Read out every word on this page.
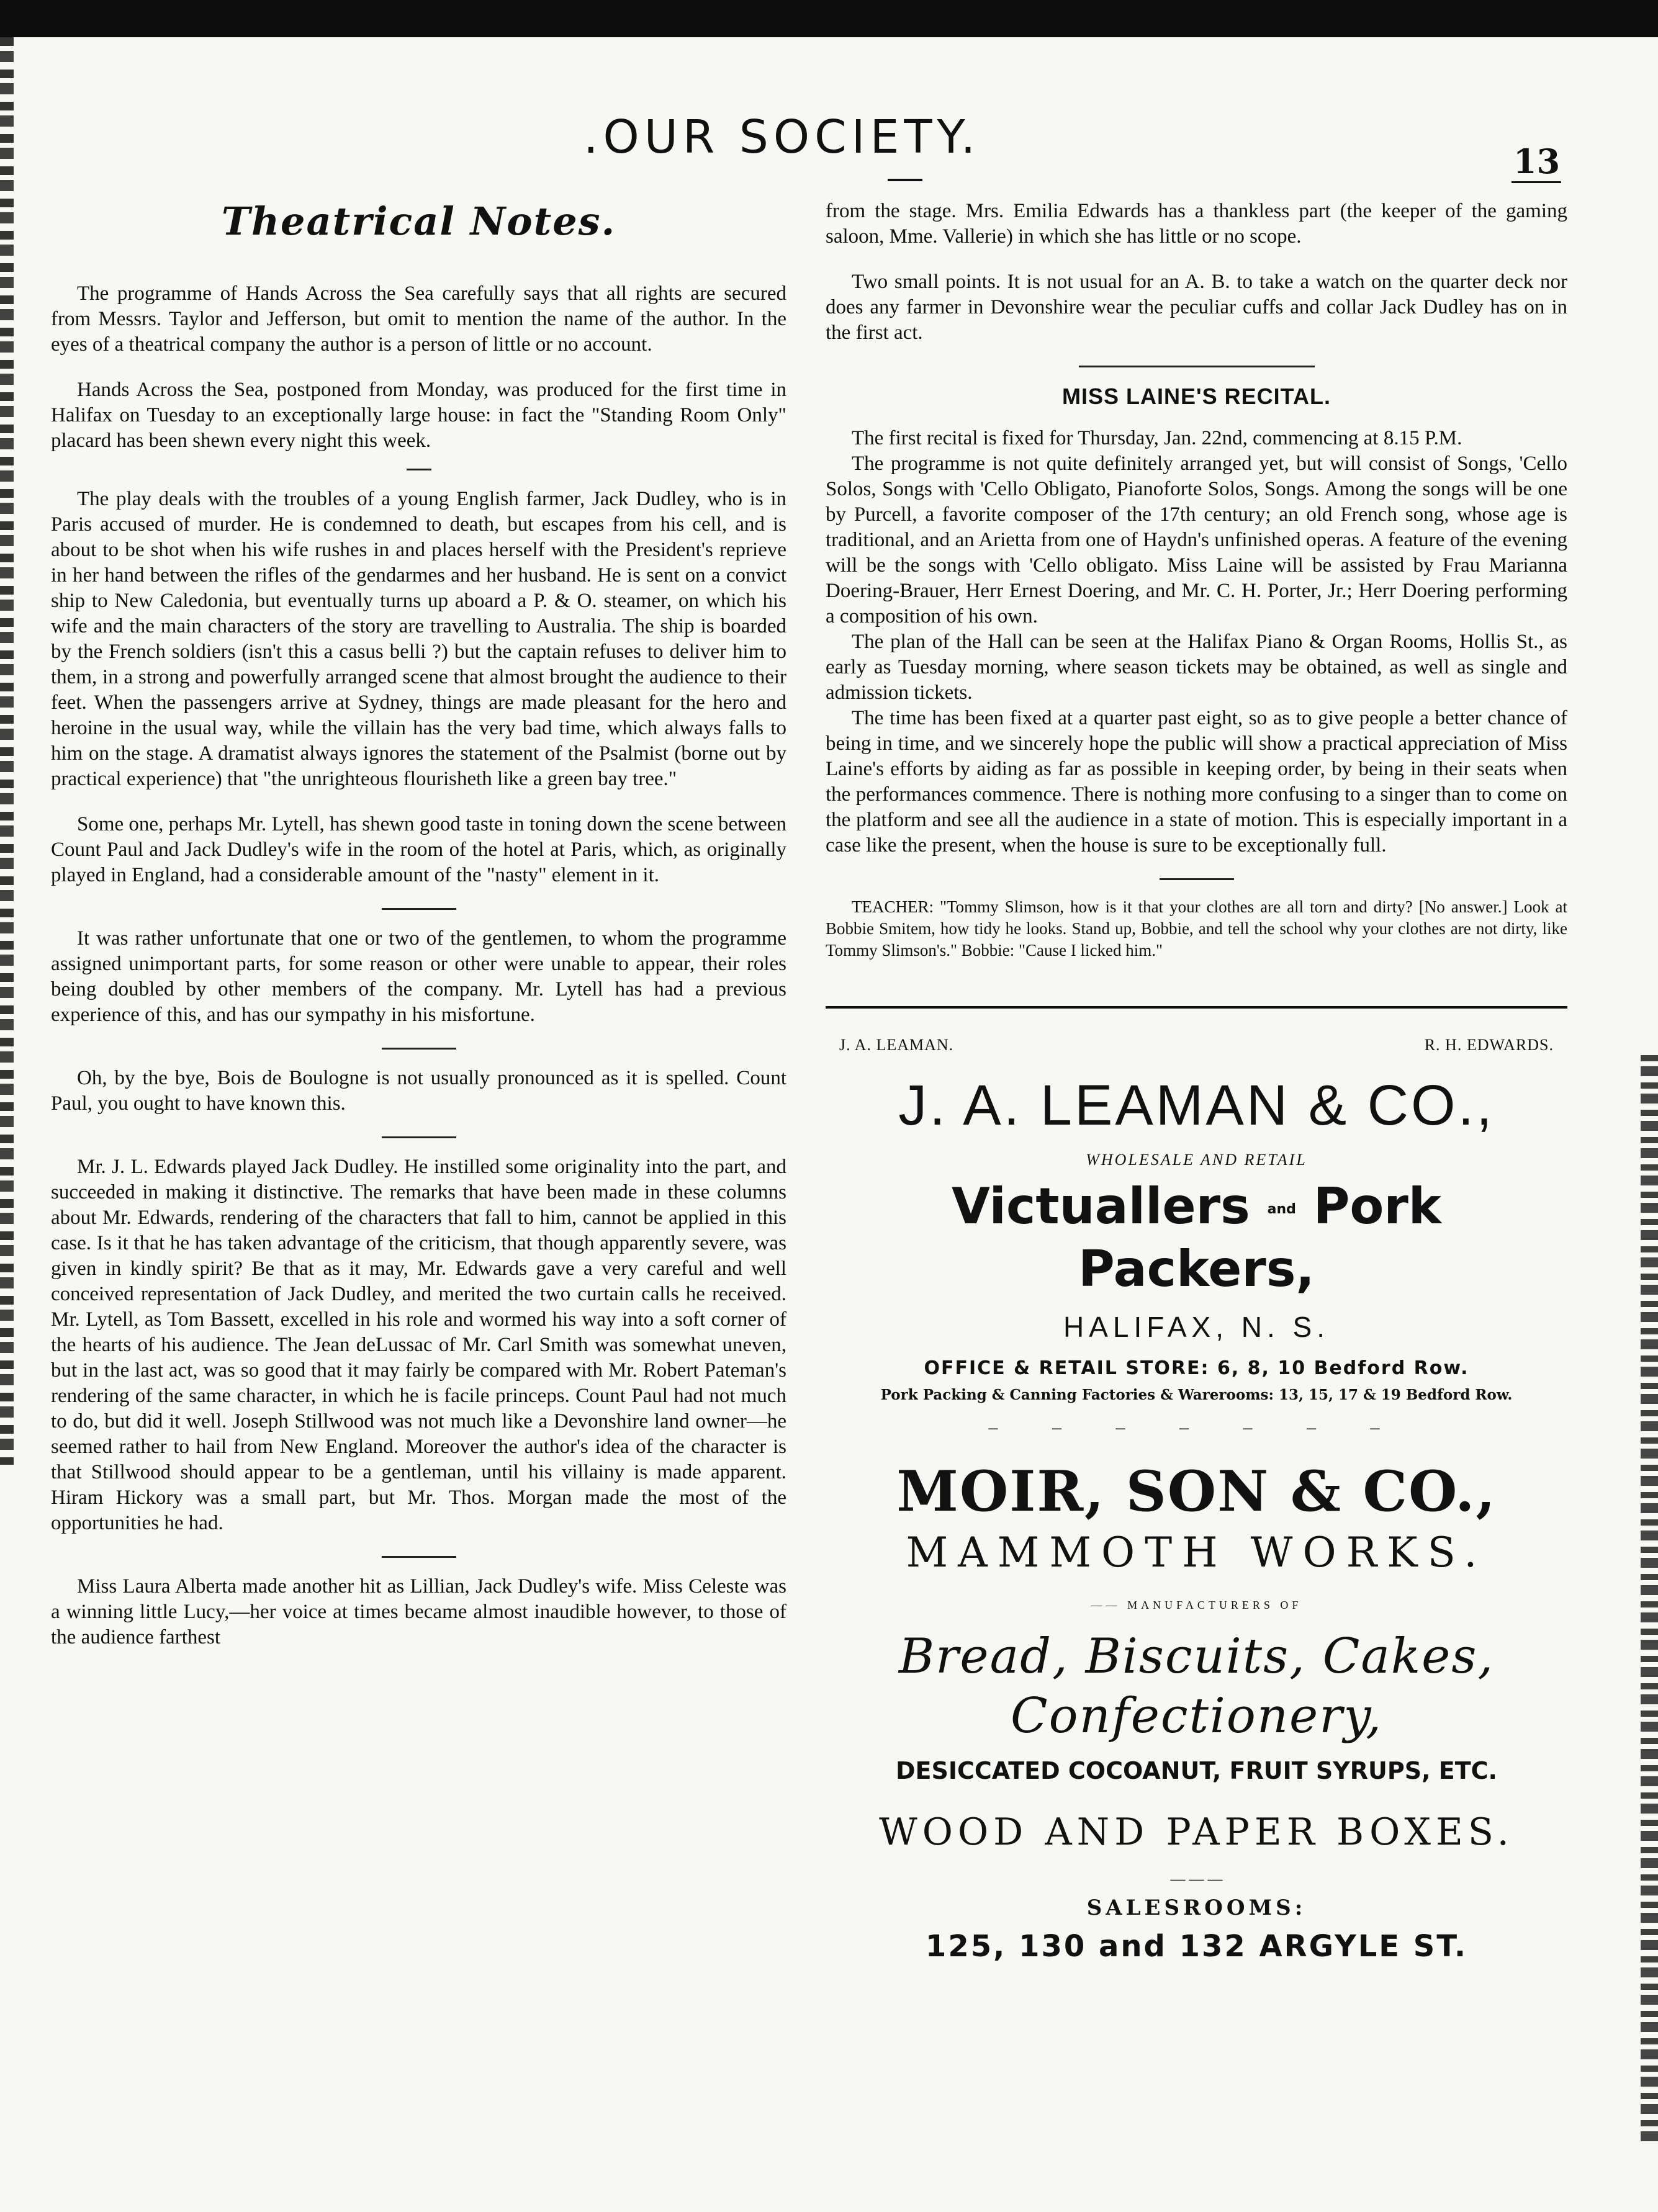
.OUR SOCIETY.	13
Theatrical Notes.

The programme of Hands Across the Sea carefully says that all rights are secured from Messrs. Taylor and Jefferson, but omit to mention the name of the author. In the eyes of a theatrical company the author is a person of little or no account.

Hands Across the Sea, postponed from Monday, was produced for the first time in Halifax on Tuesday to an exceptionally large house: in fact the "Standing Room Only" placard has been shewn every night this week.

The play deals with the troubles of a young English farmer, Jack Dudley, who is in Paris accused of murder. He is condemned to death, but escapes from his cell, and is about to be shot when his wife rushes in and places herself with the President's reprieve in her hand between the rifles of the gendarmes and her husband. He is sent on a convict ship to New Caledonia, but eventually turns up aboard a P. & O. steamer, on which his wife and the main characters of the story are travelling to Australia. The ship is boarded by the French soldiers (isn't this a casus belli ?) but the captain refuses to deliver him to them, in a strong and powerfully arranged scene that almost brought the audience to their feet. When the passengers arrive at Sydney, things are made pleasant for the hero and heroine in the usual way, while the villain has the very bad time, which always falls to him on the stage. A dramatist always ignores the statement of the Psalmist (borne out by practical experience) that "the unrighteous flourisheth like a green bay tree."

Some one, perhaps Mr. Lytell, has shewn good taste in toning down the scene between Count Paul and Jack Dudley's wife in the room of the hotel at Paris, which, as originally played in England, had a considerable amount of the "nasty" element in it.

It was rather unfortunate that one or two of the gentlemen, to whom the programme assigned unimportant parts, for some reason or other were unable to appear, their roles being doubled by other members of the company. Mr. Lytell has had a previous experience of this, and has our sympathy in his misfortune.

Oh, by the bye, Bois de Boulogne is not usually pronounced as it is spelled. Count Paul, you ought to have known this.

Mr. J. L. Edwards played Jack Dudley. He instilled some originality into the part, and succeeded in making it distinctive. The remarks that have been made in these columns about Mr. Edwards, rendering of the characters that fall to him, cannot be applied in this case. Is it that he has taken advantage of the criticism, that though apparently severe, was given in kindly spirit? Be that as it may, Mr. Edwards gave a very careful and well conceived representation of Jack Dudley, and merited the two curtain calls he received. Mr. Lytell, as Tom Bassett, excelled in his role and wormed his way into a soft corner of the hearts of his audience. The Jean deLussac of Mr. Carl Smith was somewhat uneven, but in the last act, was so good that it may fairly be compared with Mr. Robert Pateman's rendering of the same character, in which he is facile princeps. Count Paul had not much to do, but did it well. Joseph Stillwood was not much like a Devonshire land owner—he seemed rather to hail from New England. Moreover the author's idea of the character is that Stillwood should appear to be a gentleman, until his villainy is made apparent. Hiram Hickory was a small part, but Mr. Thos. Morgan made the most of the opportunities he had.

Miss Laura Alberta made another hit as Lillian, Jack Dudley's wife. Miss Celeste was a winning little Lucy,—her voice at times became almost inaudible however, to those of the audience farthest

from the stage. Mrs. Emilia Edwards has a thankless part (the keeper of the gaming saloon, Mme. Vallerie) in which she has little or no scope.

Two small points. It is not usual for an A. B. to take a watch on the quarter deck nor does any farmer in Devonshire wear the peculiar cuffs and collar Jack Dudley has on in the first act.

MISS LAINE'S RECITAL.

The first recital is fixed for Thursday, Jan. 22nd, commencing at 8.15 P.M.

The programme is not quite definitely arranged yet, but will consist of Songs, 'Cello Solos, Songs with 'Cello Obligato, Pianoforte Solos, Songs. Among the songs will be one by Purcell, a favorite composer of the 17th century; an old French song, whose age is traditional, and an Arietta from one of Haydn's unfinished operas. A feature of the evening will be the songs with 'Cello obligato. Miss Laine will be assisted by Frau Marianna Doering-Brauer, Herr Ernest Doering, and Mr. C. H. Porter, Jr.; Herr Doering performing a composition of his own.

The plan of the Hall can be seen at the Halifax Piano & Organ Rooms, Hollis St., as early as Tuesday morning, where season tickets may be obtained, as well as single and admission tickets.

The time has been fixed at a quarter past eight, so as to give people a better chance of being in time, and we sincerely hope the public will show a practical appreciation of Miss Laine's efforts by aiding as far as possible in keeping order, by being in their seats when the performances commence. There is nothing more confusing to a singer than to come on the platform and see all the audience in a state of motion. This is especially important in a case like the present, when the house is sure to be exceptionally full.

TEACHER: "Tommy Slimson, how is it that your clothes are all torn and dirty? [No answer.] Look at Bobbie Smitem, how tidy he looks. Stand up, Bobbie, and tell the school why your clothes are not dirty, like Tommy Slimson's." Bobbie: "Cause I licked him."

J. A. LEAMAN.	R. H. EDWARDS.
J. A. LEAMAN & CO.,
WHOLESALE AND RETAIL
Victuallers and Pork Packers,
HALIFAX, N. S.
OFFICE & RETAIL STORE: 6, 8, 10 Bedford Row.
Pork Packing & Canning Factories & Warerooms: 13, 15, 17 & 19 Bedford Row.
– – – – – – –
MOIR, SON & CO.,
MAMMOTH WORKS.
—— MANUFACTURERS OF
Bread, Biscuits, Cakes, Confectionery,
DESICCATED COCOANUT, FRUIT SYRUPS, ETC.
WOOD AND PAPER BOXES.
— — —
SALESROOMS:
125, 130 and 132 ARGYLE ST.
